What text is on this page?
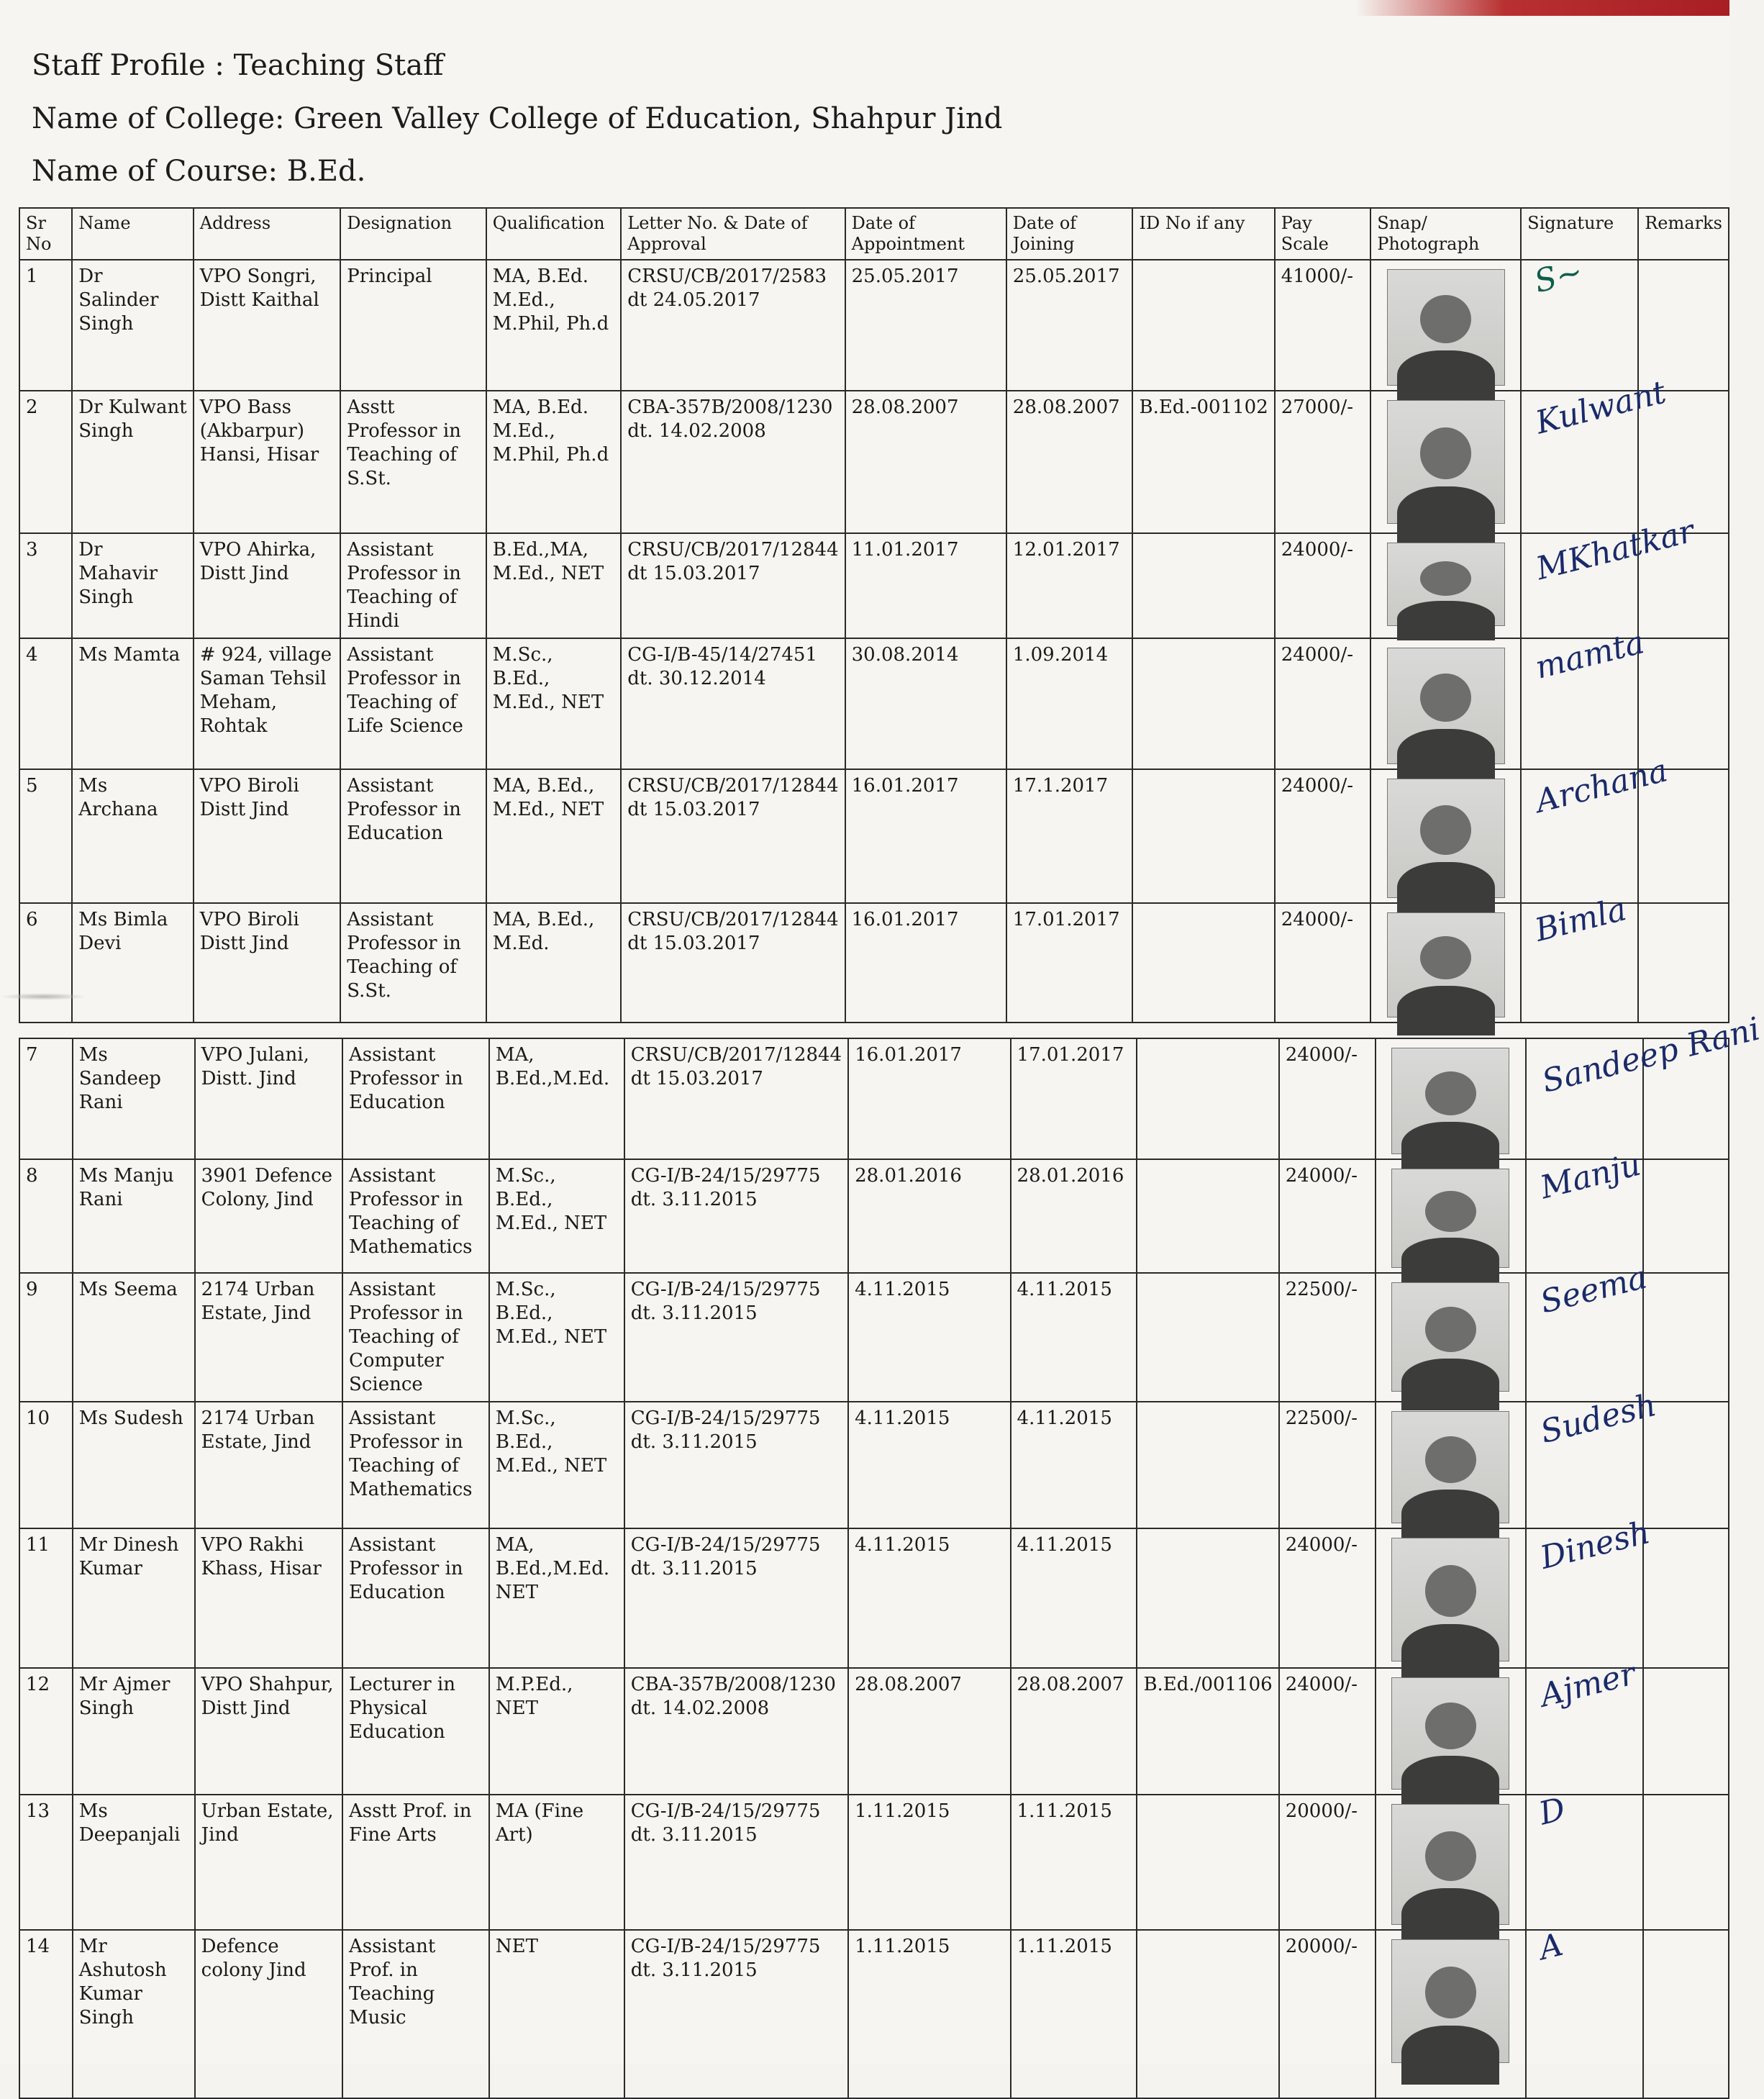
Staff Profile : Teaching Staff
Name of College: Green Valley College of Education, Shahpur Jind
Name of Course: B.Ed.
Sr No	Name	Address	Designation	Qualification	Letter No. & Date of Approval	Date of Appointment	Date of Joining	ID No if any	Pay Scale	Snap/ Photograph	Signature	Remarks
1	Dr Salinder Singh	VPO Songri, Distt Kaithal	Principal	MA, B.Ed. M.Ed., M.Phil, Ph.d	CRSU/CB/2017/2583 dt 24.05.2017	25.05.2017	25.05.2017		41000/-		S~	

2	Dr Kulwant Singh	VPO Bass (Akbarpur) Hansi, Hisar	Asstt Professor in Teaching of S.St.	MA, B.Ed. M.Ed., M.Phil, Ph.d	CBA-357B/2008/1230 dt. 14.02.2008	28.08.2007	28.08.2007	B.Ed.-001102	27000/-		Kulwant	

3	Dr Mahavir Singh	VPO Ahirka, Distt Jind	Assistant Professor in Teaching of Hindi	B.Ed.,MA, M.Ed., NET	CRSU/CB/2017/12844 dt 15.03.2017	11.01.2017	12.01.2017		24000/-		MKhatkar	

4	Ms Mamta	# 924, village Saman Tehsil Meham, Rohtak	Assistant Professor in Teaching of Life Science	M.Sc., B.Ed., M.Ed., NET	CG-I/B-45/14/27451 dt. 30.12.2014	30.08.2014	1.09.2014		24000/-		mamta	

5	Ms Archana	VPO Biroli Distt Jind	Assistant Professor in Education	MA, B.Ed., M.Ed., NET	CRSU/CB/2017/12844 dt 15.03.2017	16.01.2017	17.1.2017		24000/-		Archana	

6	Ms Bimla Devi	VPO Biroli Distt Jind	Assistant Professor in Teaching of S.St.	MA, B.Ed., M.Ed.	CRSU/CB/2017/12844 dt 15.03.2017	16.01.2017	17.01.2017		24000/-		Bimla	

7	Ms Sandeep Rani	VPO Julani, Distt. Jind	Assistant Professor in Education	MA, B.Ed.,M.Ed.	CRSU/CB/2017/12844 dt 15.03.2017	16.01.2017	17.01.2017		24000/-		Sandeep Rani	

8	Ms Manju Rani	3901 Defence Colony, Jind	Assistant Professor in Teaching of Mathematics	M.Sc., B.Ed., M.Ed., NET	CG-I/B-24/15/29775 dt. 3.11.2015	28.01.2016	28.01.2016		24000/-		Manju	

9	Ms Seema	2174 Urban Estate, Jind	Assistant Professor in Teaching of Computer Science	M.Sc., B.Ed., M.Ed., NET	CG-I/B-24/15/29775 dt. 3.11.2015	4.11.2015	4.11.2015		22500/-		Seema	

10	Ms Sudesh	2174 Urban Estate, Jind	Assistant Professor in Teaching of Mathematics	M.Sc., B.Ed., M.Ed., NET	CG-I/B-24/15/29775 dt. 3.11.2015	4.11.2015	4.11.2015		22500/-		Sudesh	

11	Mr Dinesh Kumar	VPO Rakhi Khass, Hisar	Assistant Professor in Education	MA, B.Ed.,M.Ed. NET	CG-I/B-24/15/29775 dt. 3.11.2015	4.11.2015	4.11.2015		24000/-		Dinesh	

12	Mr Ajmer Singh	VPO Shahpur, Distt Jind	Lecturer in Physical Education	M.P.Ed., NET	CBA-357B/2008/1230 dt. 14.02.2008	28.08.2007	28.08.2007	B.Ed./001106	24000/-		Ajmer	

13	Ms Deepanjali	Urban Estate, Jind	Asstt Prof. in Fine Arts	MA (Fine Art)	CG-I/B-24/15/29775 dt. 3.11.2015	1.11.2015	1.11.2015		20000/-		D	

14	Mr Ashutosh Kumar Singh	Defence colony Jind	Assistant Prof. in Teaching Music	NET	CG-I/B-24/15/29775 dt. 3.11.2015	1.11.2015	1.11.2015		20000/-		A	
